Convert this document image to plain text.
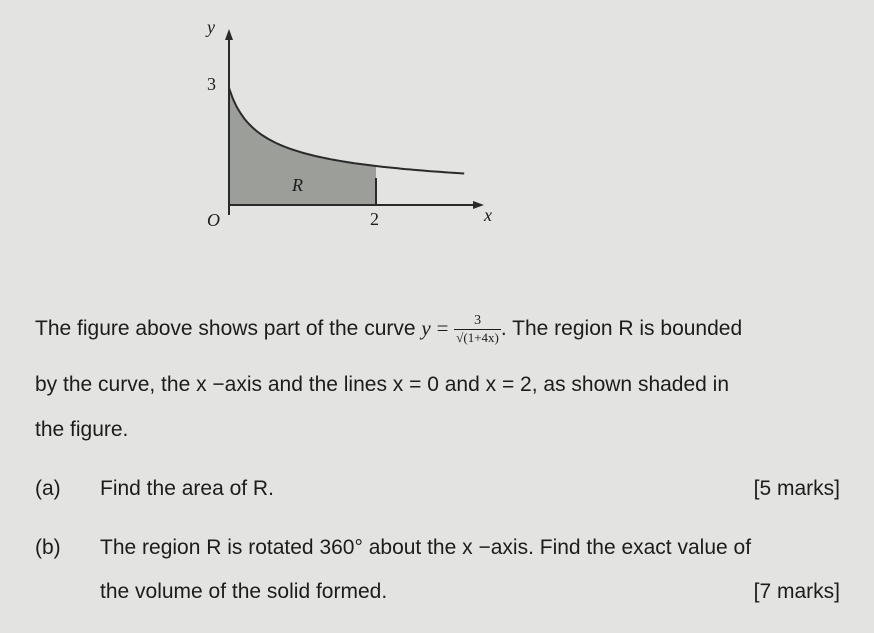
y
3
R
O	2	x
The figure above shows part of the curve $y = \frac{3}{√(1+4x)}$ . The region R is bounded
by the curve, the x −axis and the lines x = 0 and x = 2, as shown shaded in
the figure.
(a) Find the area of R.	[5 marks]
(b) The region R is rotated 360° about the x −axis. Find the exact value of
the volume of the solid formed.	[7 marks]
